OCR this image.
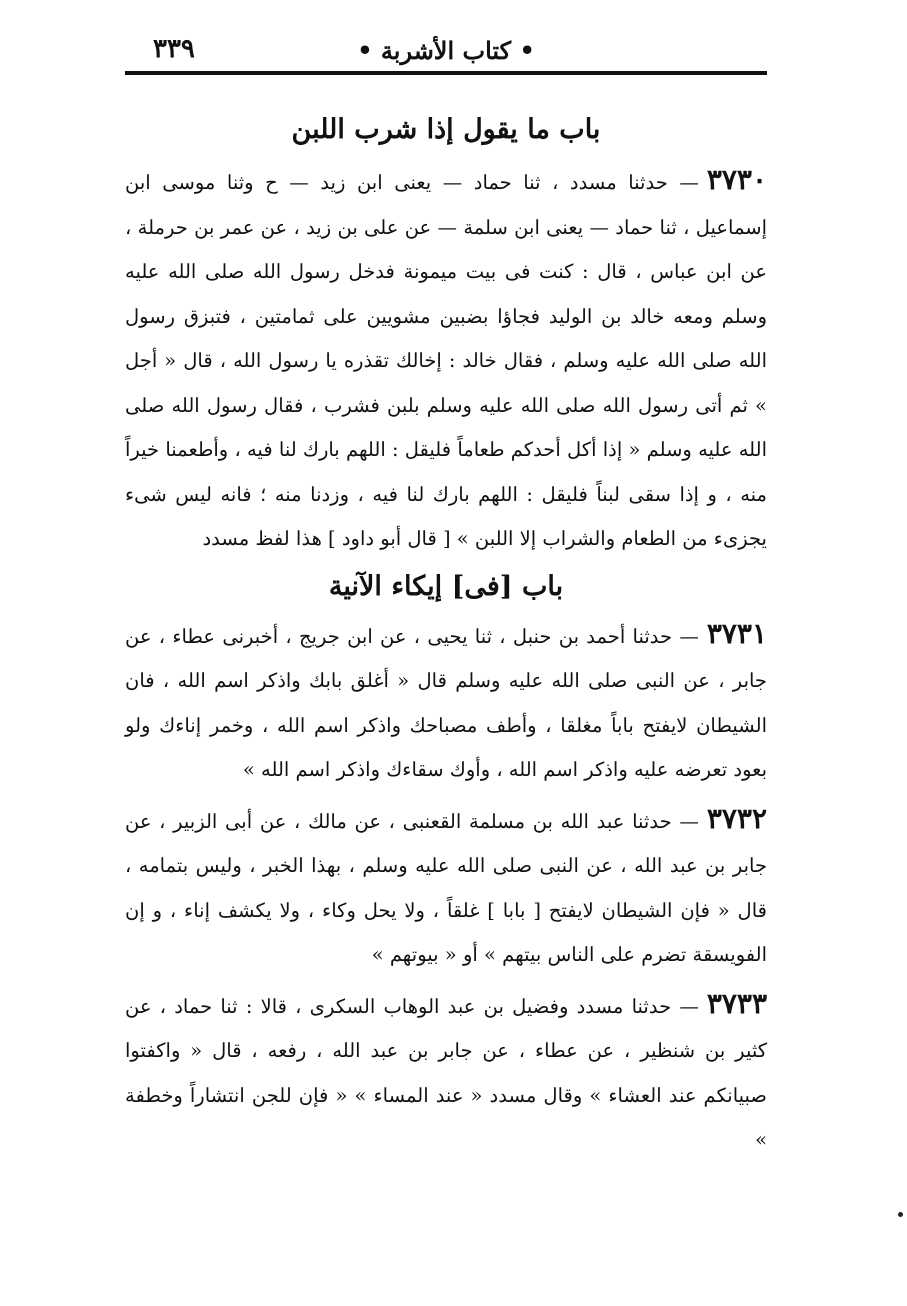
• كتاب الأشربة •
٣٣٩
باب ما يقول إذا شرب اللبن

٣٧٣٠— حدثنا مسدد ، ثنا حماد — يعنى ابن زيد — ح وثنا موسى ابن إسماعيل ، ثنا حماد — يعنى ابن سلمة — عن على بن زيد ، عن عمر بن حرملة ، عن ابن عباس ، قال : كنت فى بيت ميمونة فدخل رسول الله صلى الله عليه وسلم ومعه خالد بن الوليد فجاؤا بضبين مشويين على ثمامتين ، فتبزق رسول الله صلى الله عليه وسلم ، فقال خالد : إخالك تقذره يا رسول الله ، قال « أجل » ثم أتى رسول الله صلى الله عليه وسلم بلبن فشرب ، فقال رسول الله صلى الله عليه وسلم « إذا أكل أحدكم طعاماً فليقل : اللهم بارك لنا فيه ، وأطعمنا خيراً منه ، و إذا سقى لبناً فليقل : اللهم بارك لنا فيه ، وزدنا منه ؛ فانه ليس شىء يجزىء من الطعام والشراب إلا اللبن » [ قال أبو داود ] هذا لفظ مسدد

باب [فى] إيكاء الآنية

٣٧٣١— حدثنا أحمد بن حنبل ، ثنا يحيى ، عن ابن جريج ، أخبرنى عطاء ، عن جابر ، عن النبى صلى الله عليه وسلم قال « أغلق بابك واذكر اسم الله ، فان الشيطان لايفتح باباً مغلقا ، وأطف مصباحك واذكر اسم الله ، وخمر إناءك ولو بعود تعرضه عليه واذكر اسم الله ، وأوك سقاءك واذكر اسم الله »

٣٧٣٢— حدثنا عبد الله بن مسلمة القعنبى ، عن مالك ، عن أبى الزبير ، عن جابر بن عبد الله ، عن النبى صلى الله عليه وسلم ، بهذا الخبر ، وليس بتمامه ، قال « فإن الشيطان لايفتح [ بابا ] غلقاً ، ولا يحل وكاء ، ولا يكشف إناء ، و إن الفويسقة تضرم على الناس بيتهم » أو « بيوتهم »

٣٧٣٣— حدثنا مسدد وفضيل بن عبد الوهاب السكرى ، قالا : ثنا حماد ، عن كثير بن شنظير ، عن عطاء ، عن جابر بن عبد الله ، رفعه ، قال « واكفتوا صبيانكم عند العشاء » وقال مسدد « عند المساء » « فإن للجن انتشاراً وخطفة »
